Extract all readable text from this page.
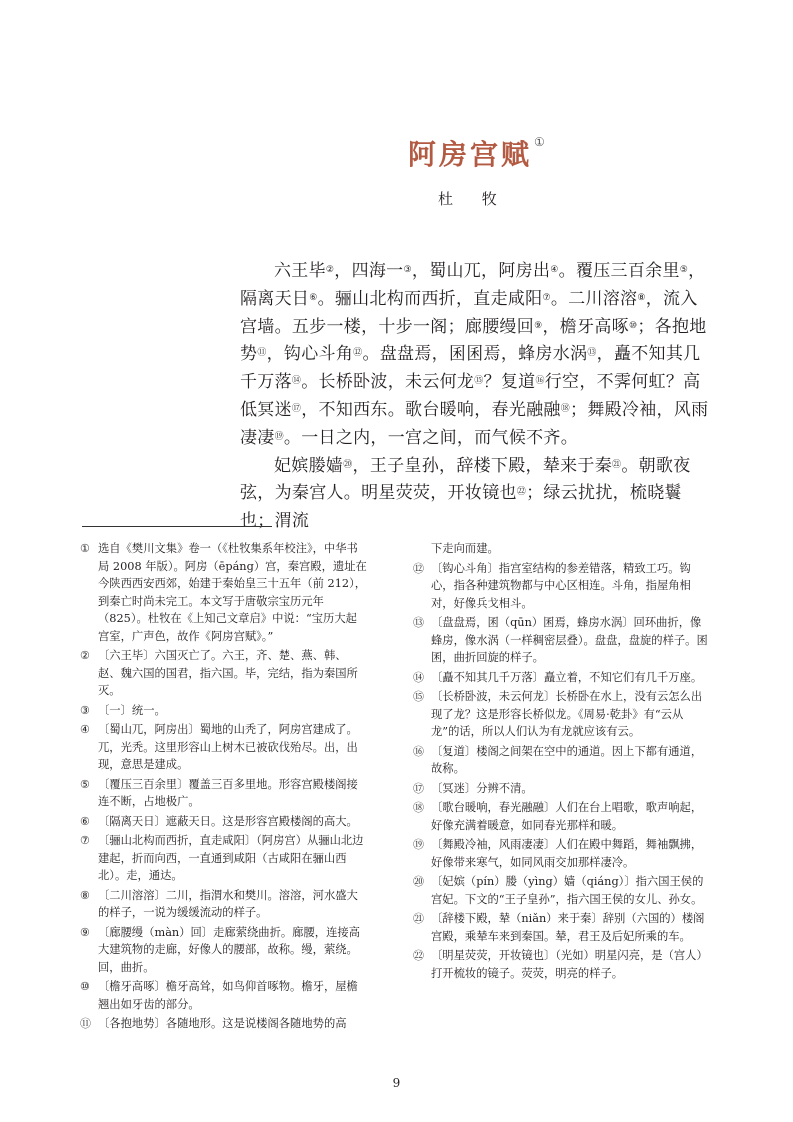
阿房宫赋 ①
杜 牧

六王毕②，四海一③，蜀山兀，阿房出④。覆压三百余里⑤，隔离天日⑥。骊山北构而西折，直走咸阳⑦。二川溶溶⑧，流入宫墙。五步一楼，十步一阁；廊腰缦回⑨，檐牙高啄⑩；各抱地势⑪，钩心斗角⑫。盘盘焉，囷囷焉，蜂房水涡⑬，矗不知其几千万落⑭。长桥卧波，未云何龙⑮？复道⑯行空，不霁何虹？高低冥迷⑰，不知西东。歌台暖响，春光融融⑱；舞殿冷袖，风雨凄凄⑲。一日之内，一宫之间，而气候不齐。

妃嫔媵嫱⑳，王子皇孙，辞楼下殿，辇来于秦$^㉑$。朝歌夜弦，为秦宫人。明星荧荧，开妆镜也$^㉒$；绿云扰扰，梳晓鬟也；渭流

① 选自《樊川文集》卷一（《杜牧集系年校注》，中华书局 2008 年版）。阿房（ēpáng）宫，秦宫殿，遗址在今陕西西安西郊，始建于秦始皇三十五年（前 212），到秦亡时尚未完工。本文写于唐敬宗宝历元年（825）。杜牧在《上知己文章启》中说：“宝历大起宫室，广声色，故作《阿房宫赋》。”
② 〔六王毕〕六国灭亡了。六王，齐、楚、燕、韩、赵、魏六国的国君，指六国。毕，完结，指为秦国所灭。
③ 〔一〕统一。
④ 〔蜀山兀，阿房出〕蜀地的山秃了，阿房宫建成了。兀，光秃。这里形容山上树木已被砍伐殆尽。出，出现，意思是建成。
⑤ 〔覆压三百余里〕覆盖三百多里地。形容宫殿楼阁接连不断，占地极广。
⑥ 〔隔离天日〕遮蔽天日。这是形容宫殿楼阁的高大。
⑦ 〔骊山北构而西折，直走咸阳〕（阿房宫）从骊山北边建起，折而向西，一直通到咸阳（古咸阳在骊山西北）。走，通达。
⑧ 〔二川溶溶〕二川，指渭水和樊川。溶溶，河水盛大的样子，一说为缓缓流动的样子。
⑨ 〔廊腰缦（màn）回〕走廊萦绕曲折。廊腰，连接高大建筑物的走廊，好像人的腰部，故称。缦，萦绕。回，曲折。
⑩ 〔檐牙高啄〕檐牙高耸，如鸟仰首啄物。檐牙，屋檐翘出如牙齿的部分。
⑪ 〔各抱地势〕各随地形。这是说楼阁各随地势的高
下走向而建。
⑫ 〔钩心斗角〕指宫室结构的参差错落，精致工巧。钩心，指各种建筑物都与中心区相连。斗角，指屋角相对，好像兵戈相斗。
⑬ 〔盘盘焉，囷（qūn）囷焉，蜂房水涡〕回环曲折，像蜂房，像水涡（一样稠密层叠）。盘盘，盘旋的样子。囷囷，曲折回旋的样子。
⑭ 〔矗不知其几千万落〕矗立着，不知它们有几千万座。
⑮ 〔长桥卧波，未云何龙〕长桥卧在水上，没有云怎么出现了龙？这是形容长桥似龙。《周易·乾卦》有“云从龙”的话，所以人们认为有龙就应该有云。
⑯ 〔复道〕楼阁之间架在空中的通道。因上下都有通道，故称。
⑰ 〔冥迷〕分辨不清。
⑱ 〔歌台暖响，春光融融〕人们在台上唱歌，歌声响起，好像充满着暖意，如同春光那样和暖。
⑲ 〔舞殿冷袖，风雨凄凄〕人们在殿中舞蹈，舞袖飘拂，好像带来寒气，如同风雨交加那样凄冷。
⑳ 〔妃嫔（pín）媵（yìng）嫱（qiáng）〕指六国王侯的宫妃。下文的“王子皇孙”，指六国王侯的女儿、孙女。
㉑ 〔辞楼下殿，辇（niǎn）来于秦〕辞别（六国的）楼阁宫殿，乘辇车来到秦国。辇，君王及后妃所乘的车。
㉒ 〔明星荧荧，开妆镜也〕（光如）明星闪亮，是（宫人）打开梳妆的镜子。荧荧，明亮的样子。
9
